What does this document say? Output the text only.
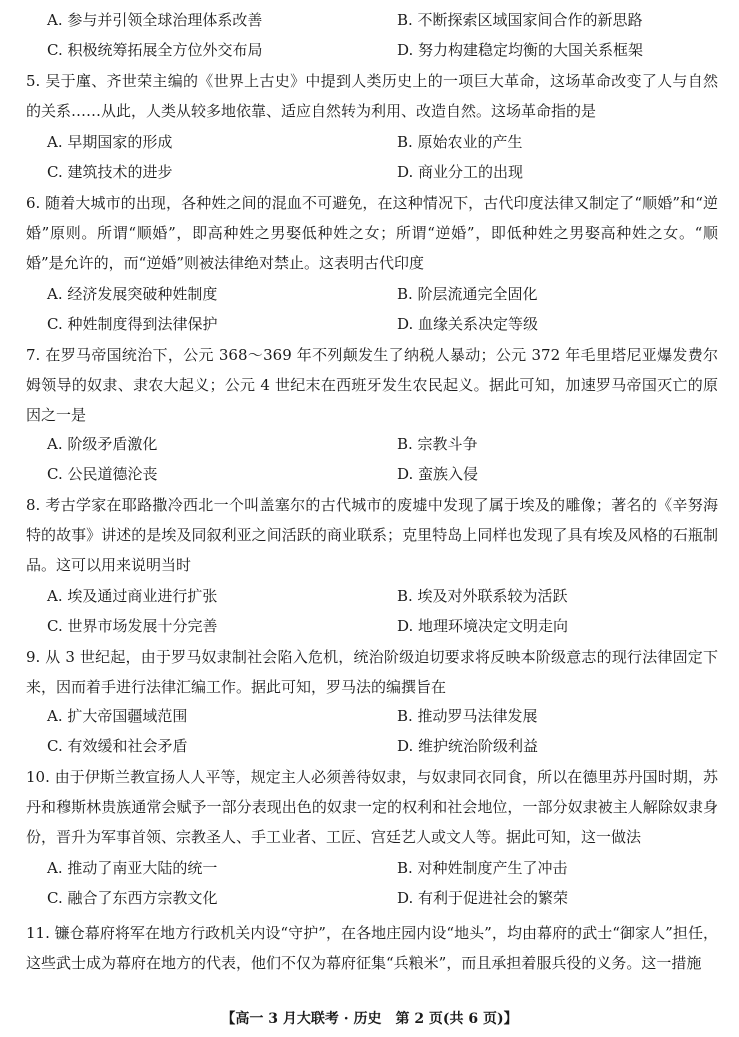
A. 参与并引领全球治理体系改善	B. 不断探索区域国家间合作的新思路
C. 积极统筹拓展全方位外交布局	D. 努力构建稳定均衡的大国关系框架
5. 吴于廑、齐世荣主编的《世界上古史》中提到人类历史上的一项巨大革命，这场革命改变了人与自然的关系……从此，人类从较多地依靠、适应自然转为利用、改造自然。这场革命指的是
A. 早期国家的形成	B. 原始农业的产生
C. 建筑技术的进步	D. 商业分工的出现
6. 随着大城市的出现，各种姓之间的混血不可避免，在这种情况下，古代印度法律又制定了“顺婚”和“逆婚”原则。所谓“顺婚”，即高种姓之男娶低种姓之女；所谓“逆婚”，即低种姓之男娶高种姓之女。“顺婚”是允许的，而“逆婚”则被法律绝对禁止。这表明古代印度
A. 经济发展突破种姓制度	B. 阶层流通完全固化
C. 种姓制度得到法律保护	D. 血缘关系决定等级
7. 在罗马帝国统治下，公元 368～369 年不列颠发生了纳税人暴动；公元 372 年毛里塔尼亚爆发费尔姆领导的奴隶、隶农大起义；公元 4 世纪末在西班牙发生农民起义。据此可知，加速罗马帝国灭亡的原因之一是
A. 阶级矛盾激化	B. 宗教斗争
C. 公民道德沦丧	D. 蛮族入侵
8. 考古学家在耶路撒冷西北一个叫盖塞尔的古代城市的废墟中发现了属于埃及的雕像；著名的《辛努海特的故事》讲述的是埃及同叙利亚之间活跃的商业联系；克里特岛上同样也发现了具有埃及风格的石瓶制品。这可以用来说明当时
A. 埃及通过商业进行扩张	B. 埃及对外联系较为活跃
C. 世界市场发展十分完善	D. 地理环境决定文明走向
9. 从 3 世纪起，由于罗马奴隶制社会陷入危机，统治阶级迫切要求将反映本阶级意志的现行法律固定下来，因而着手进行法律汇编工作。据此可知，罗马法的编撰旨在
A. 扩大帝国疆域范围	B. 推动罗马法律发展
C. 有效缓和社会矛盾	D. 维护统治阶级利益
10. 由于伊斯兰教宣扬人人平等，规定主人必须善待奴隶，与奴隶同衣同食，所以在德里苏丹国时期，苏丹和穆斯林贵族通常会赋予一部分表现出色的奴隶一定的权利和社会地位，一部分奴隶被主人解除奴隶身份，晋升为军事首领、宗教圣人、手工业者、工匠、宫廷艺人或文人等。据此可知，这一做法
A. 推动了南亚大陆的统一	B. 对种姓制度产生了冲击
C. 融合了东西方宗教文化	D. 有利于促进社会的繁荣
11. 镰仓幕府将军在地方行政机关内设“守护”，在各地庄园内设“地头”，均由幕府的武士“御家人”担任，这些武士成为幕府在地方的代表，他们不仅为幕府征集“兵粮米”，而且承担着服兵役的义务。这一措施
【高一 3 月大联考 · 历史　第 2 页(共 6 页)】
